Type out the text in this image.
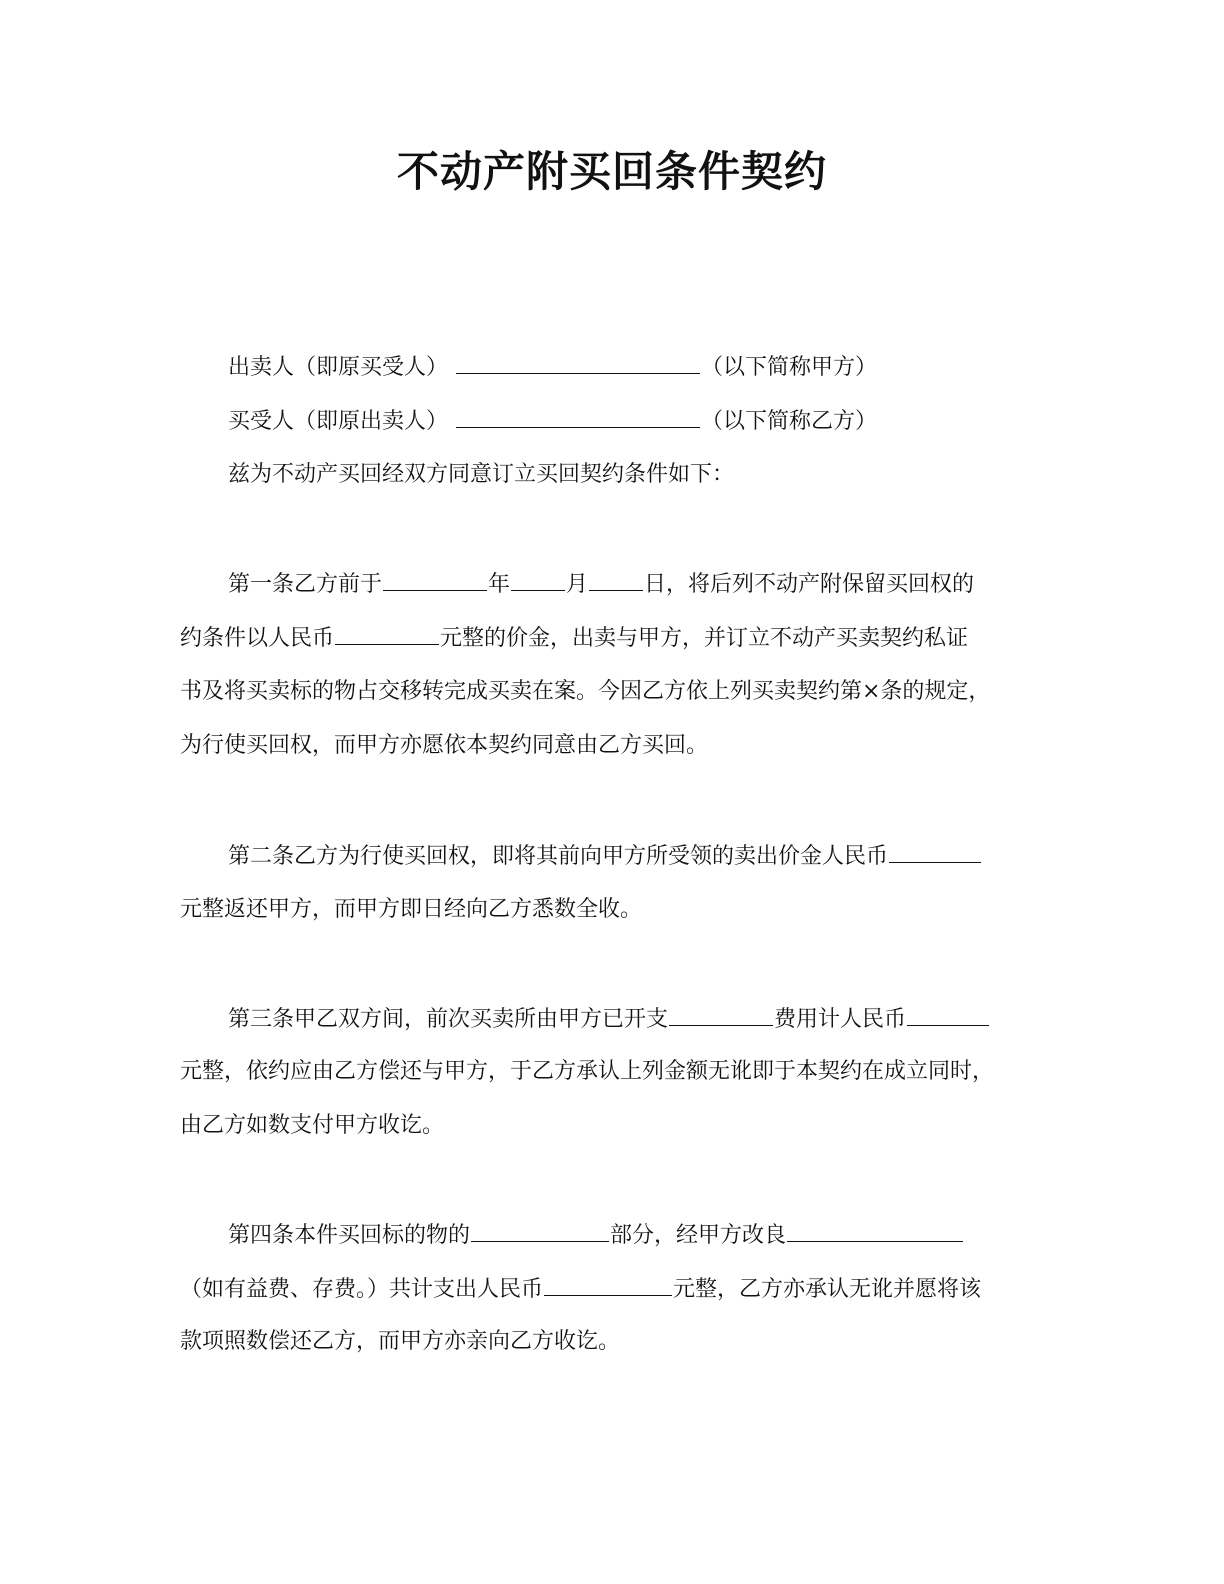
不动产附买回条件契约
出卖人（即原买受人）	（以下简称甲方）
买受人（即原出卖人）	（以下简称乙方）
兹为不动产买回经双方同意订立买回契约条件如下：
第一条乙方前于	年	月	日，将后列不动产附保留买回权的
约条件以人民币	元整的价金，出卖与甲方，并订立不动产买卖契约私证
书及将买卖标的物占交移转完成买卖在案。今因乙方依上列买卖契约第×条的规定，
为行使买回权，而甲方亦愿依本契约同意由乙方买回。
第二条乙方为行使买回权，即将其前向甲方所受领的卖出价金人民币
元整返还甲方，而甲方即日经向乙方悉数全收。
第三条甲乙双方间，前次买卖所由甲方已开支	费用计人民币
元整，依约应由乙方偿还与甲方，于乙方承认上列金额无讹即于本契约在成立同时，
由乙方如数支付甲方收讫。
第四条本件买回标的物的	部分，经甲方改良
（如有益费、存费。）共计支出人民币	元整，乙方亦承认无讹并愿将该
款项照数偿还乙方，而甲方亦亲向乙方收讫。
